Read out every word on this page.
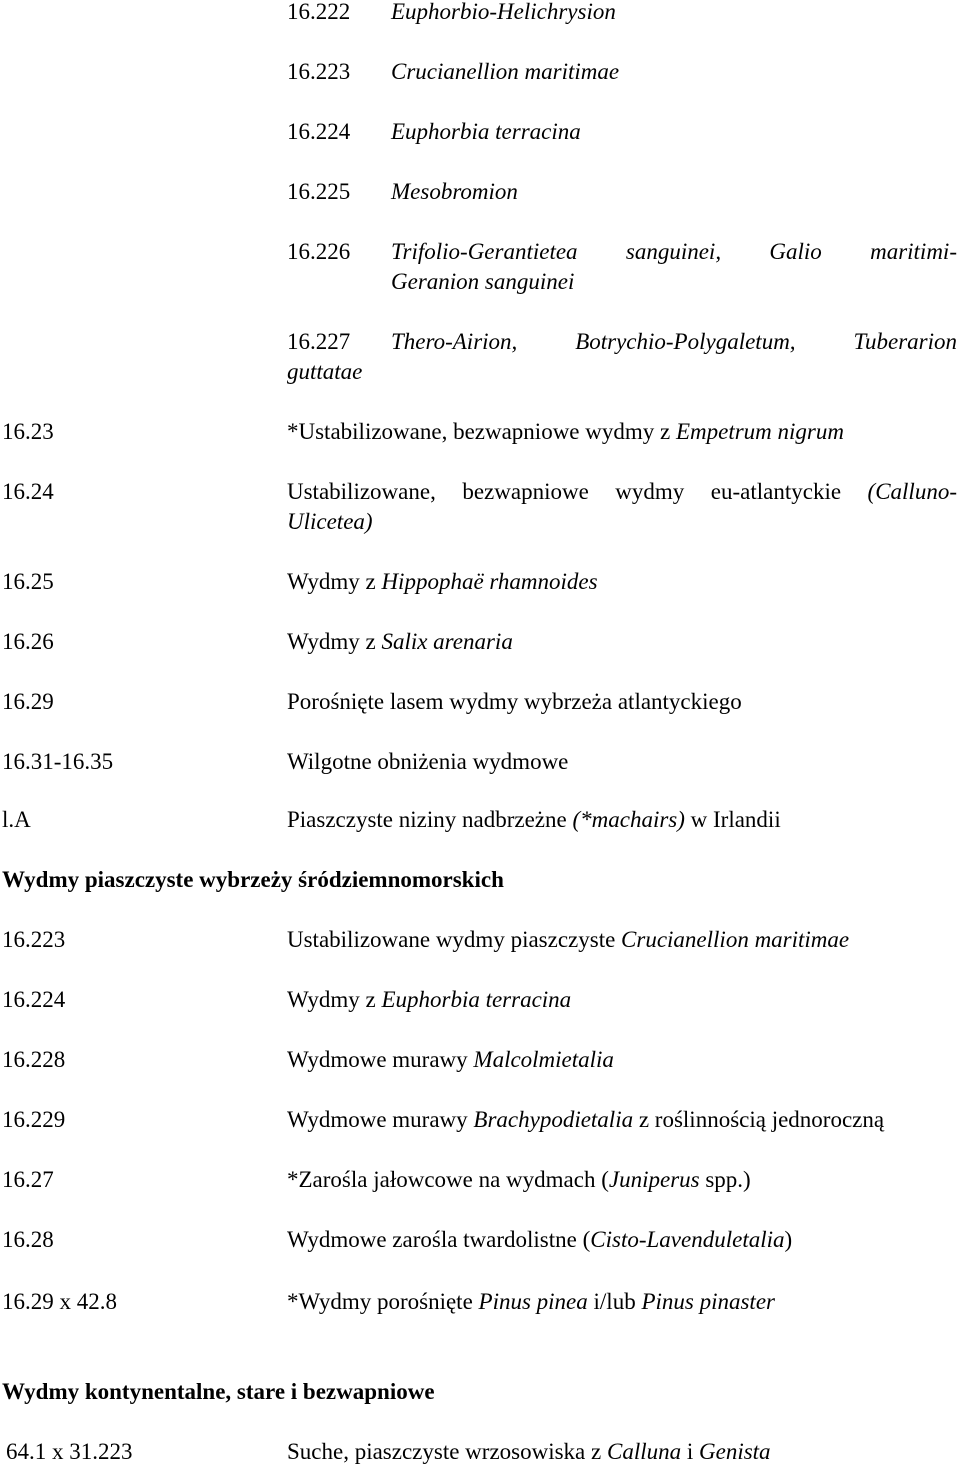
16.222 Euphorbio-Helichrysion
16.223 Crucianellion maritimae
16.224 Euphorbia terracina
16.225 Mesobromion
16.226 Trifolio-Gerantietea sanguinei, Galio maritimi-
Geranion sanguinei
16.227 Thero-Airion,	Botrychio-Polygaletum,	Tuberarion
guttatae
16.23	*Ustabilizowane, bezwapniowe wydmy z Empetrum nigrum
16.24	Ustabilizowane, bezwapniowe wydmy eu-atlantyckie (Calluno-
Ulicetea)
16.25	Wydmy z Hippophaë rhamnoides
16.26	Wydmy z Salix arenaria
16.29	Porośnięte lasem wydmy wybrzeża atlantyckiego
16.31-16.35	Wilgotne obniżenia wydmowe
l.A	Piaszczyste niziny nadbrzeżne (*machairs) w Irlandii
Wydmy piaszczyste wybrzeży śródziemnomorskich
16.223	Ustabilizowane wydmy piaszczyste Crucianellion maritimae
16.224	Wydmy z Euphorbia terracina
16.228	Wydmowe murawy Malcolmietalia
16.229	Wydmowe murawy Brachypodietalia z roślinnością jednoroczną
16.27	*Zarośla jałowcowe na wydmach (Juniperus spp.)
16.28	Wydmowe zarośla twardolistne (Cisto-Lavenduletalia)
16.29 x 42.8	*Wydmy porośnięte Pinus pinea i/lub Pinus pinaster
Wydmy kontynentalne, stare i bezwapniowe
64.1 x 31.223	Suche, piaszczyste wrzosowiska z Calluna i Genista
